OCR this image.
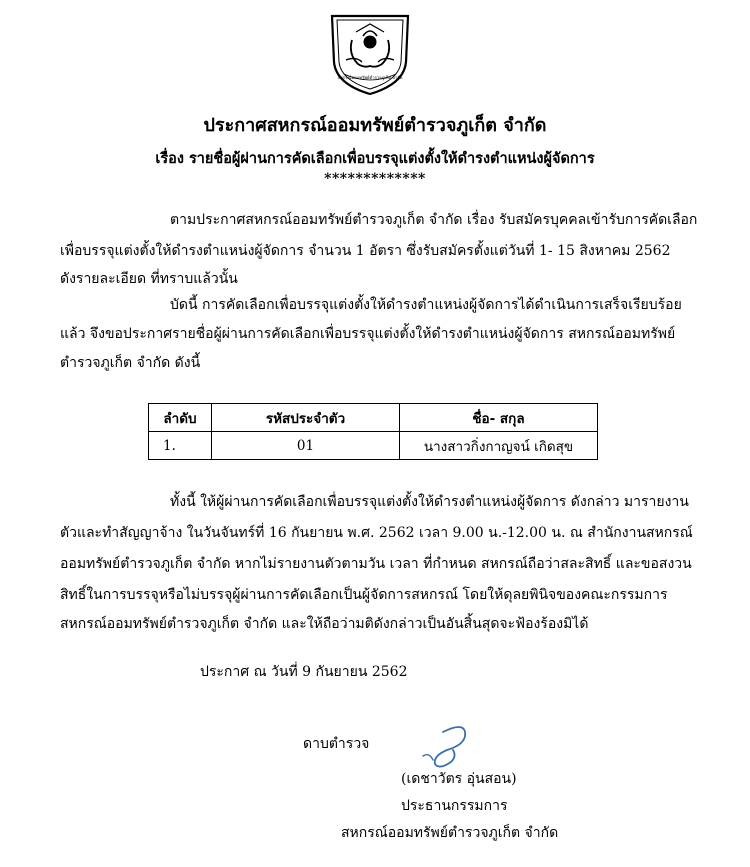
สหกรณ์ออมทรัพย์ตำรวจภูเก็ต จำกัด
ประกาศสหกรณ์ออมทรัพย์ตำรวจภูเก็ต จำกัด
เรื่อง รายชื่อผู้ผ่านการคัดเลือกเพื่อบรรจุแต่งตั้งให้ดำรงตำแหน่งผู้จัดการ
*************
ตามประกาศสหกรณ์ออมทรัพย์ตำรวจภูเก็ต จำกัด เรื่อง รับสมัครบุคคลเข้ารับการคัดเลือก
เพื่อบรรจุแต่งตั้งให้ดำรงตำแหน่งผู้จัดการ จำนวน 1 อัตรา ซึ่งรับสมัครตั้งแต่วันที่ 1- 15 สิงหาคม 2562
ดังรายละเอียด ที่ทราบแล้วนั้น
บัดนี้ การคัดเลือกเพื่อบรรจุแต่งตั้งให้ดำรงตำแหน่งผู้จัดการได้ดำเนินการเสร็จเรียบร้อย
แล้ว จึงขอประกาศรายชื่อผู้ผ่านการคัดเลือกเพื่อบรรจุแต่งตั้งให้ดำรงตำแหน่งผู้จัดการ สหกรณ์ออมทรัพย์
ตำรวจภูเก็ต จำกัด ดังนี้
ลำดับ	รหัสประจำตัว	ชื่อ- สกุล
1.	01	นางสาวกิ่งกาญจน์ เกิดสุข
ทั้งนี้ ให้ผู้ผ่านการคัดเลือกเพื่อบรรจุแต่งตั้งให้ดำรงตำแหน่งผู้จัดการ ดังกล่าว มารายงาน
ตัวและทำสัญญาจ้าง ในวันจันทร์ที่ 16 กันยายน พ.ศ. 2562 เวลา 9.00 น.-12.00 น. ณ สำนักงานสหกรณ์
ออมทรัพย์ตำรวจภูเก็ต จำกัด หากไม่รายงานตัวตามวัน เวลา ที่กำหนด สหกรณ์ถือว่าสละสิทธิ์ และขอสงวน
สิทธิ์ในการบรรจุหรือไม่บรรจุผู้ผ่านการคัดเลือกเป็นผู้จัดการสหกรณ์ โดยให้ดุลยพินิจของคณะกรรมการ
สหกรณ์ออมทรัพย์ตำรวจภูเก็ต จำกัด และให้ถือว่ามติดังกล่าวเป็นอันสิ้นสุดจะฟ้องร้องมิได้
ประกาศ ณ วันที่ 9 กันยายน 2562
ดาบตำรวจ
(เดชาวัตร อุ่นสอน)
ประธานกรรมการ
สหกรณ์ออมทรัพย์ตำรวจภูเก็ต จำกัด
